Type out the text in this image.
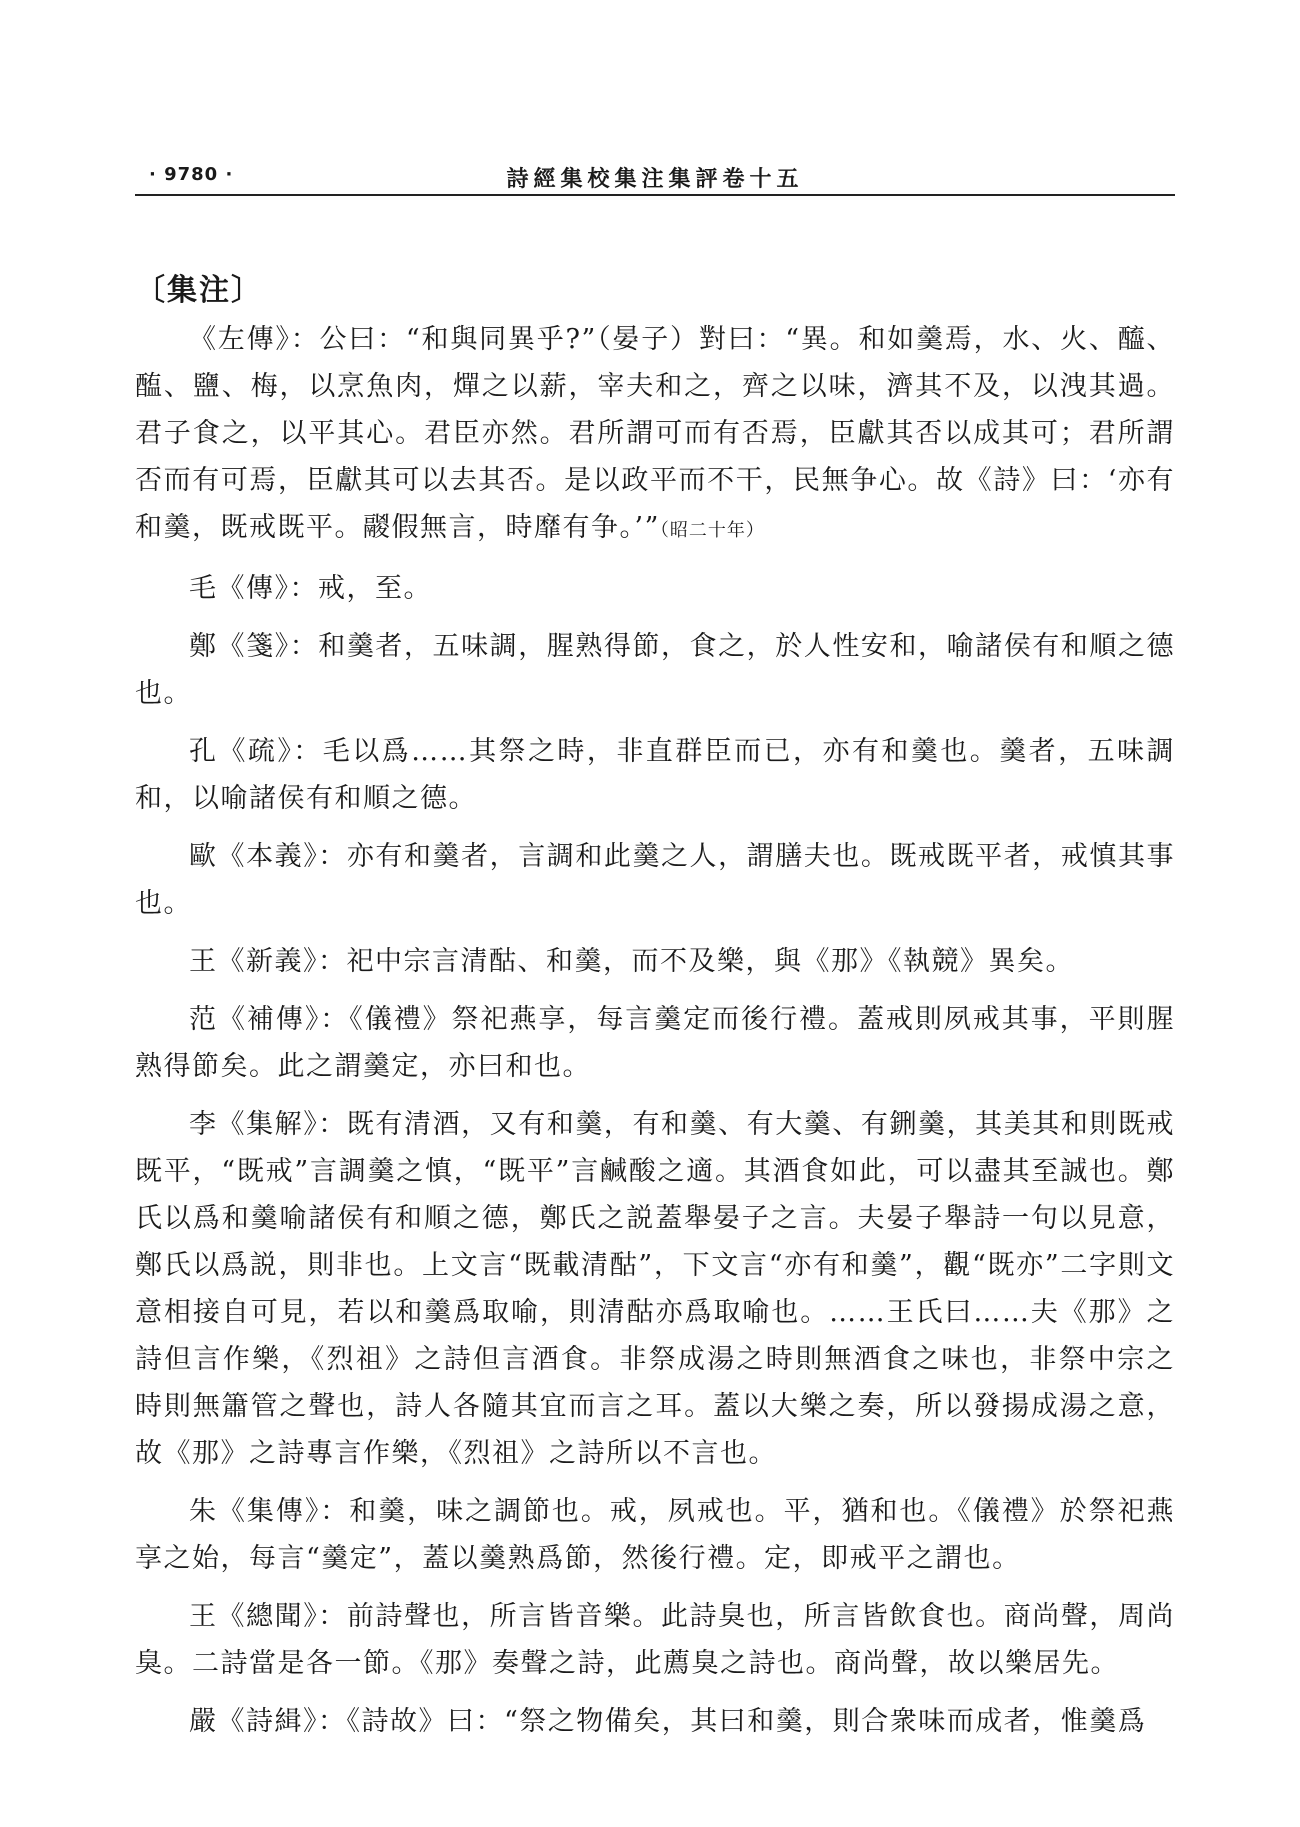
· 9780 ·	詩經集校集注集評卷十五
〔集注〕

《左傳》：公曰：“和與同異乎?”（晏子）對曰：“異。和如羹焉，水、火、醯、醢、鹽、梅，以烹魚肉，燀之以薪，宰夫和之，齊之以味，濟其不及，以洩其過。君子食之，以平其心。君臣亦然。君所謂可而有否焉，臣獻其否以成其可；君所謂否而有可焉，臣獻其可以去其否。是以政平而不干，民無争心。故《詩》曰：‘亦有和羹，既戒既平。鬷假無言，時靡有争。’”（昭二十年）

毛《傳》：戒，至。

鄭《箋》：和羹者，五味調，腥熟得節，食之，於人性安和，喻諸侯有和順之德也。

孔《疏》：毛以爲……其祭之時，非直群臣而已，亦有和羹也。羹者，五味調和，以喻諸侯有和順之德。

歐《本義》：亦有和羹者，言調和此羹之人，謂膳夫也。既戒既平者，戒慎其事也。

王《新義》：祀中宗言清酤、和羹，而不及樂，與《那》《執競》異矣。

范《補傳》：《儀禮》祭祀燕享，每言羹定而後行禮。蓋戒則夙戒其事，平則腥熟得節矣。此之謂羹定，亦曰和也。

李《集解》：既有清酒，又有和羹，有和羹、有大羹、有鉶羹，其美其和則既戒既平，“既戒”言調羹之慎，“既平”言鹹酸之適。其酒食如此，可以盡其至誠也。鄭氏以爲和羹喻諸侯有和順之德，鄭氏之説蓋舉晏子之言。夫晏子舉詩一句以見意，鄭氏以爲説，則非也。上文言“既載清酤”，下文言“亦有和羹”，觀“既亦”二字則文意相接自可見，若以和羹爲取喻，則清酤亦爲取喻也。……王氏曰……夫《那》之詩但言作樂，《烈祖》之詩但言酒食。非祭成湯之時則無酒食之味也，非祭中宗之時則無簫管之聲也，詩人各隨其宜而言之耳。蓋以大樂之奏，所以發揚成湯之意，故《那》之詩專言作樂，《烈祖》之詩所以不言也。

朱《集傳》：和羹，味之調節也。戒，夙戒也。平，猶和也。《儀禮》於祭祀燕享之始，每言“羹定”，蓋以羹熟爲節，然後行禮。定，即戒平之謂也。

王《總聞》：前詩聲也，所言皆音樂。此詩臭也，所言皆飲食也。商尚聲，周尚臭。二詩當是各一節。《那》奏聲之詩，此薦臭之詩也。商尚聲，故以樂居先。

嚴《詩緝》：《詩故》曰：“祭之物備矣，其曰和羹，則合衆味而成者，惟羹爲
